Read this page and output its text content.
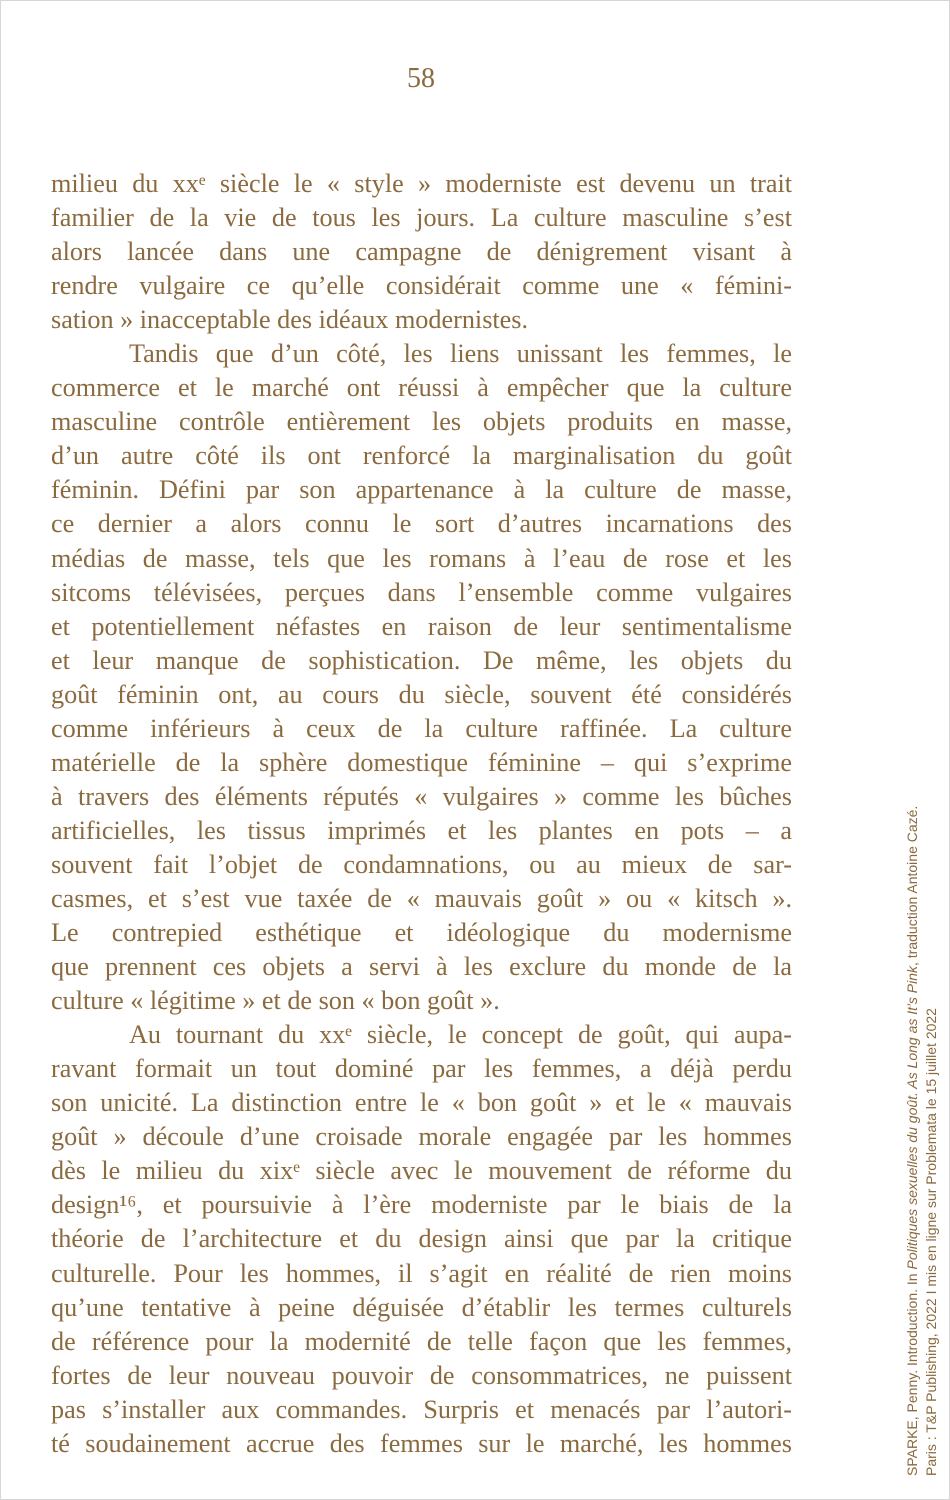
58
milieu du xxᵉ siècle le « style » moderniste est devenu un trait
familier de la vie de tous les jours. La culture masculine s’est
alors lancée dans une campagne de dénigrement visant à
rendre vulgaire ce qu’elle considérait comme une « fémini-
sation » inacceptable des idéaux modernistes.
Tandis que d’un côté, les liens unissant les femmes, le
commerce et le marché ont réussi à empêcher que la culture
masculine contrôle entièrement les objets produits en masse,
d’un autre côté ils ont renforcé la marginalisation du goût
féminin. Défini par son appartenance à la culture de masse,
ce dernier a alors connu le sort d’autres incarnations des
médias de masse, tels que les romans à l’eau de rose et les
sitcoms télévisées, perçues dans l’ensemble comme vulgaires
et potentiellement néfastes en raison de leur sentimentalisme
et leur manque de sophistication. De même, les objets du
goût féminin ont, au cours du siècle, souvent été considérés
comme inférieurs à ceux de la culture raffinée. La culture
matérielle de la sphère domestique féminine – qui s’exprime
à travers des éléments réputés « vulgaires » comme les bûches
artificielles, les tissus imprimés et les plantes en pots – a
souvent fait l’objet de condamnations, ou au mieux de sar-
casmes, et s’est vue taxée de « mauvais goût » ou « kitsch ».
Le contrepied esthétique et idéologique du modernisme
que prennent ces objets a servi à les exclure du monde de la
culture « légitime » et de son « bon goût ».
Au tournant du xxᵉ siècle, le concept de goût, qui aupa-
ravant formait un tout dominé par les femmes, a déjà perdu
son unicité. La distinction entre le « bon goût » et le « mauvais
goût » découle d’une croisade morale engagée par les hommes
dès le milieu du xixᵉ siècle avec le mouvement de réforme du
design¹⁶, et poursuivie à l’ère moderniste par le biais de la
théorie de l’architecture et du design ainsi que par la critique
culturelle. Pour les hommes, il s’agit en réalité de rien moins
qu’une tentative à peine déguisée d’établir les termes culturels
de référence pour la modernité de telle façon que les femmes,
fortes de leur nouveau pouvoir de consommatrices, ne puissent
pas s’installer aux commandes. Surpris et menacés par l’autori-
té soudainement accrue des femmes sur le marché, les hommes	SPARKE, Penny. Introduction. In Politiques sexuelles du goût. As Long as It’s Pink, traduction Antoine Cazé.
Paris : T&P Publishing, 2022 I mis en ligne sur Problemata le 15 juillet 2022
